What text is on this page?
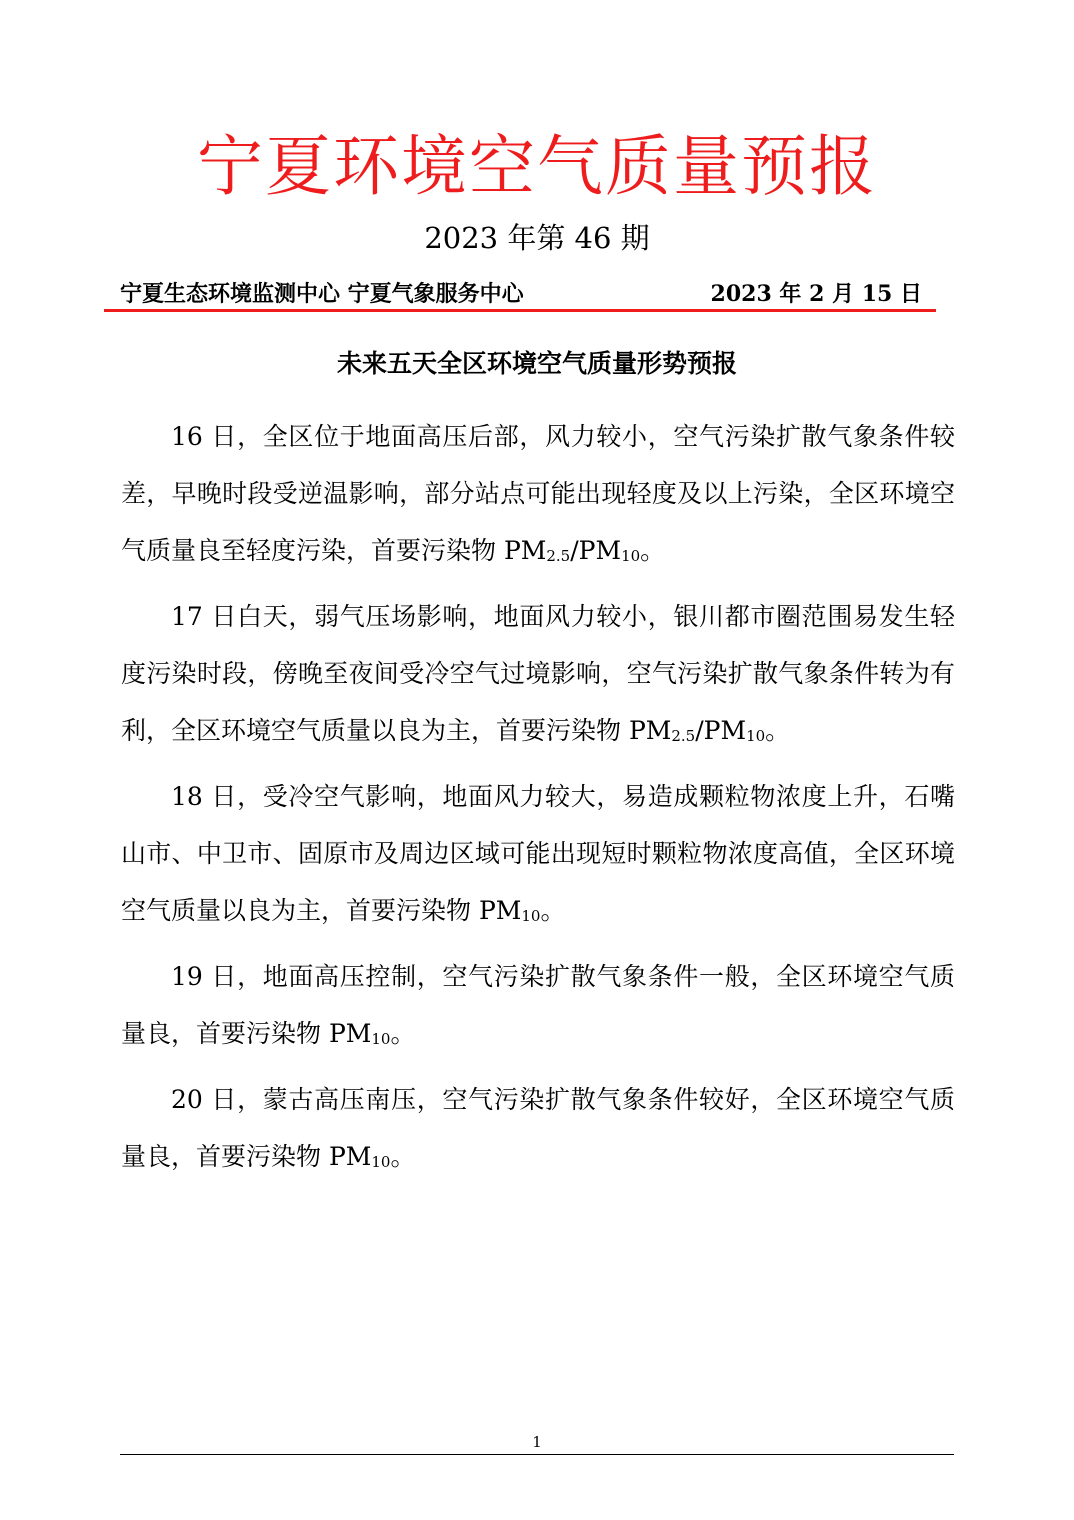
宁夏环境空气质量预报
2023 年第 46 期
宁夏生态环境监测中心 宁夏气象服务中心	2023 年 2 月 15 日
未来五天全区环境空气质量形势预报

16 日，全区位于地面高压后部，风力较小，空气污染扩散气象条件较差，早晚时段受逆温影响，部分站点可能出现轻度及以上污染，全区环境空气质量良至轻度污染，首要污染物 $PM_{2.5}/PM_{10}$。

17 日白天，弱气压场影响，地面风力较小，银川都市圈范围易发生轻度污染时段，傍晚至夜间受冷空气过境影响，空气污染扩散气象条件转为有利，全区环境空气质量以良为主，首要污染物 $PM_{2.5}/PM_{10}$。

18 日，受冷空气影响，地面风力较大，易造成颗粒物浓度上升，石嘴山市、中卫市、固原市及周边区域可能出现短时颗粒物浓度高值，全区环境空气质量以良为主，首要污染物 $PM_{10}$。

19 日，地面高压控制，空气污染扩散气象条件一般，全区环境空气质量良，首要污染物 $PM_{10}$。

20 日，蒙古高压南压，空气污染扩散气象条件较好，全区环境空气质量良，首要污染物 $PM_{10}$。

1
